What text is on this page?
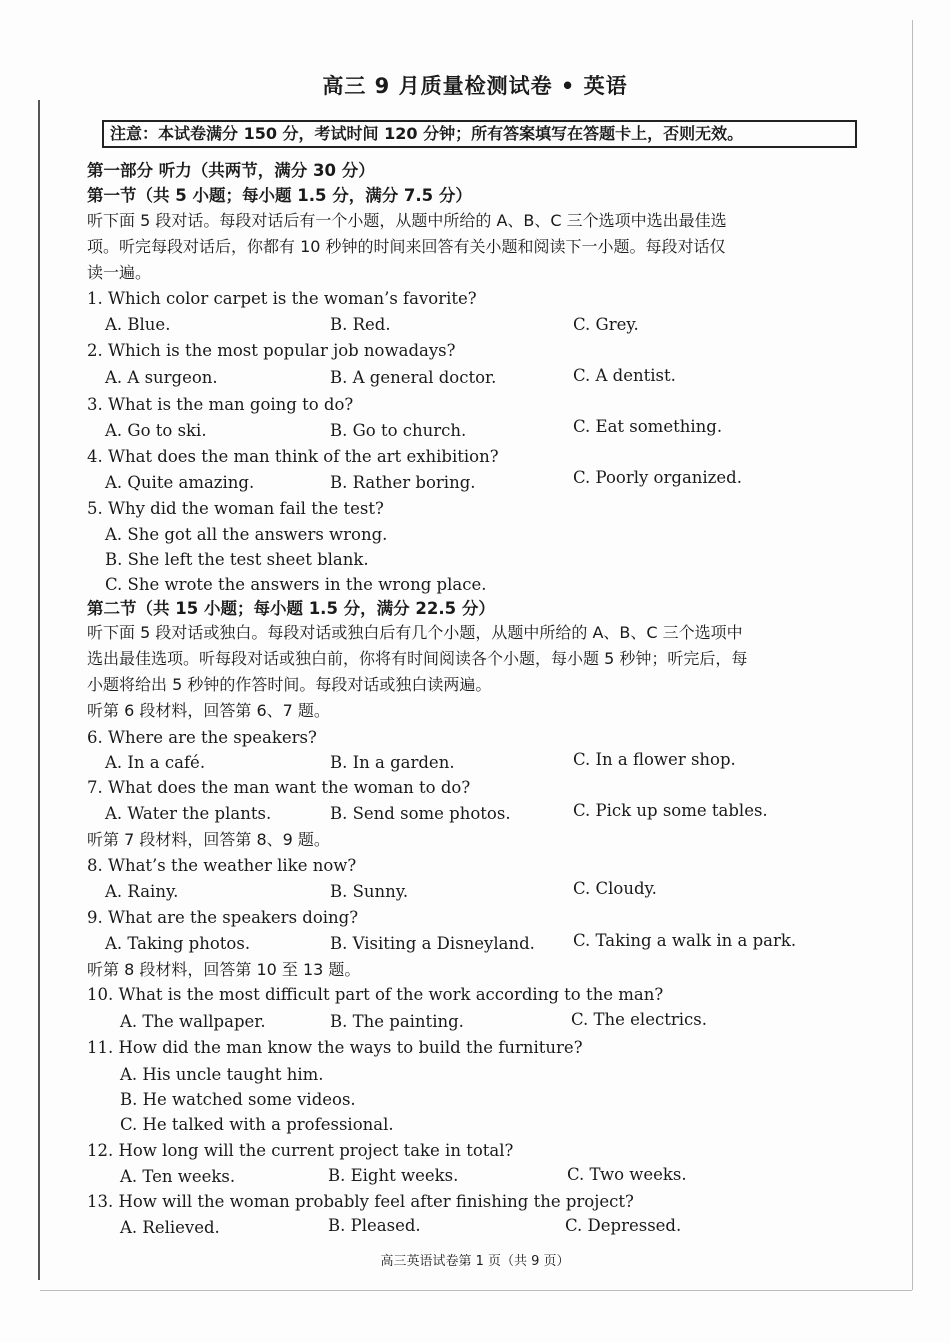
高三 9 月质量检测试卷 • 英语
注意：本试卷满分 150 分，考试时间 120 分钟；所有答案填写在答题卡上，否则无效。
第一部分 听力（共两节，满分 30 分）
第一节（共 5 小题；每小题 1.5 分，满分 7.5 分）
听下面 5 段对话。每段对话后有一个小题，从题中所给的 A、B、C 三个选项中选出最佳选
项。听完每段对话后，你都有 10 秒钟的时间来回答有关小题和阅读下一小题。每段对话仅
读一遍。
1. Which color carpet is the woman’s favorite?
A. Blue.	B. Red.	C. Grey.
2. Which is the most popular job nowadays?
A. A surgeon.	B. A general doctor.	C. A dentist.
3. What is the man going to do?
A. Go to ski.	B. Go to church.	C. Eat something.
4. What does the man think of the art exhibition?
A. Quite amazing.	B. Rather boring.	C. Poorly organized.
5. Why did the woman fail the test?
A. She got all the answers wrong.
B. She left the test sheet blank.
C. She wrote the answers in the wrong place.
第二节（共 15 小题；每小题 1.5 分，满分 22.5 分）
听下面 5 段对话或独白。每段对话或独白后有几个小题，从题中所给的 A、B、C 三个选项中
选出最佳选项。听每段对话或独白前，你将有时间阅读各个小题，每小题 5 秒钟；听完后，每
小题将给出 5 秒钟的作答时间。每段对话或独白读两遍。
听第 6 段材料，回答第 6、7 题。
6. Where are the speakers?
A. In a café.	B. In a garden.	C. In a flower shop.
7. What does the man want the woman to do?
A. Water the plants.	B. Send some photos.	C. Pick up some tables.
听第 7 段材料，回答第 8、9 题。
8. What’s the weather like now?
A. Rainy.	B. Sunny.	C. Cloudy.
9. What are the speakers doing?
A. Taking photos.	B. Visiting a Disneyland. C. Taking a walk in a park.
听第 8 段材料，回答第 10 至 13 题。
10. What is the most difficult part of the work according to the man?
A. The wallpaper.	B. The painting.	C. The electrics.
11. How did the man know the ways to build the furniture?
A. His uncle taught him.
B. He watched some videos.
C. He talked with a professional.
12. How long will the current project take in total?
A. Ten weeks.	B. Eight weeks.	C. Two weeks.
13. How will the woman probably feel after finishing the project?
A. Relieved.	B. Pleased.	C. Depressed.
高三英语试卷第 1 页（共 9 页）
